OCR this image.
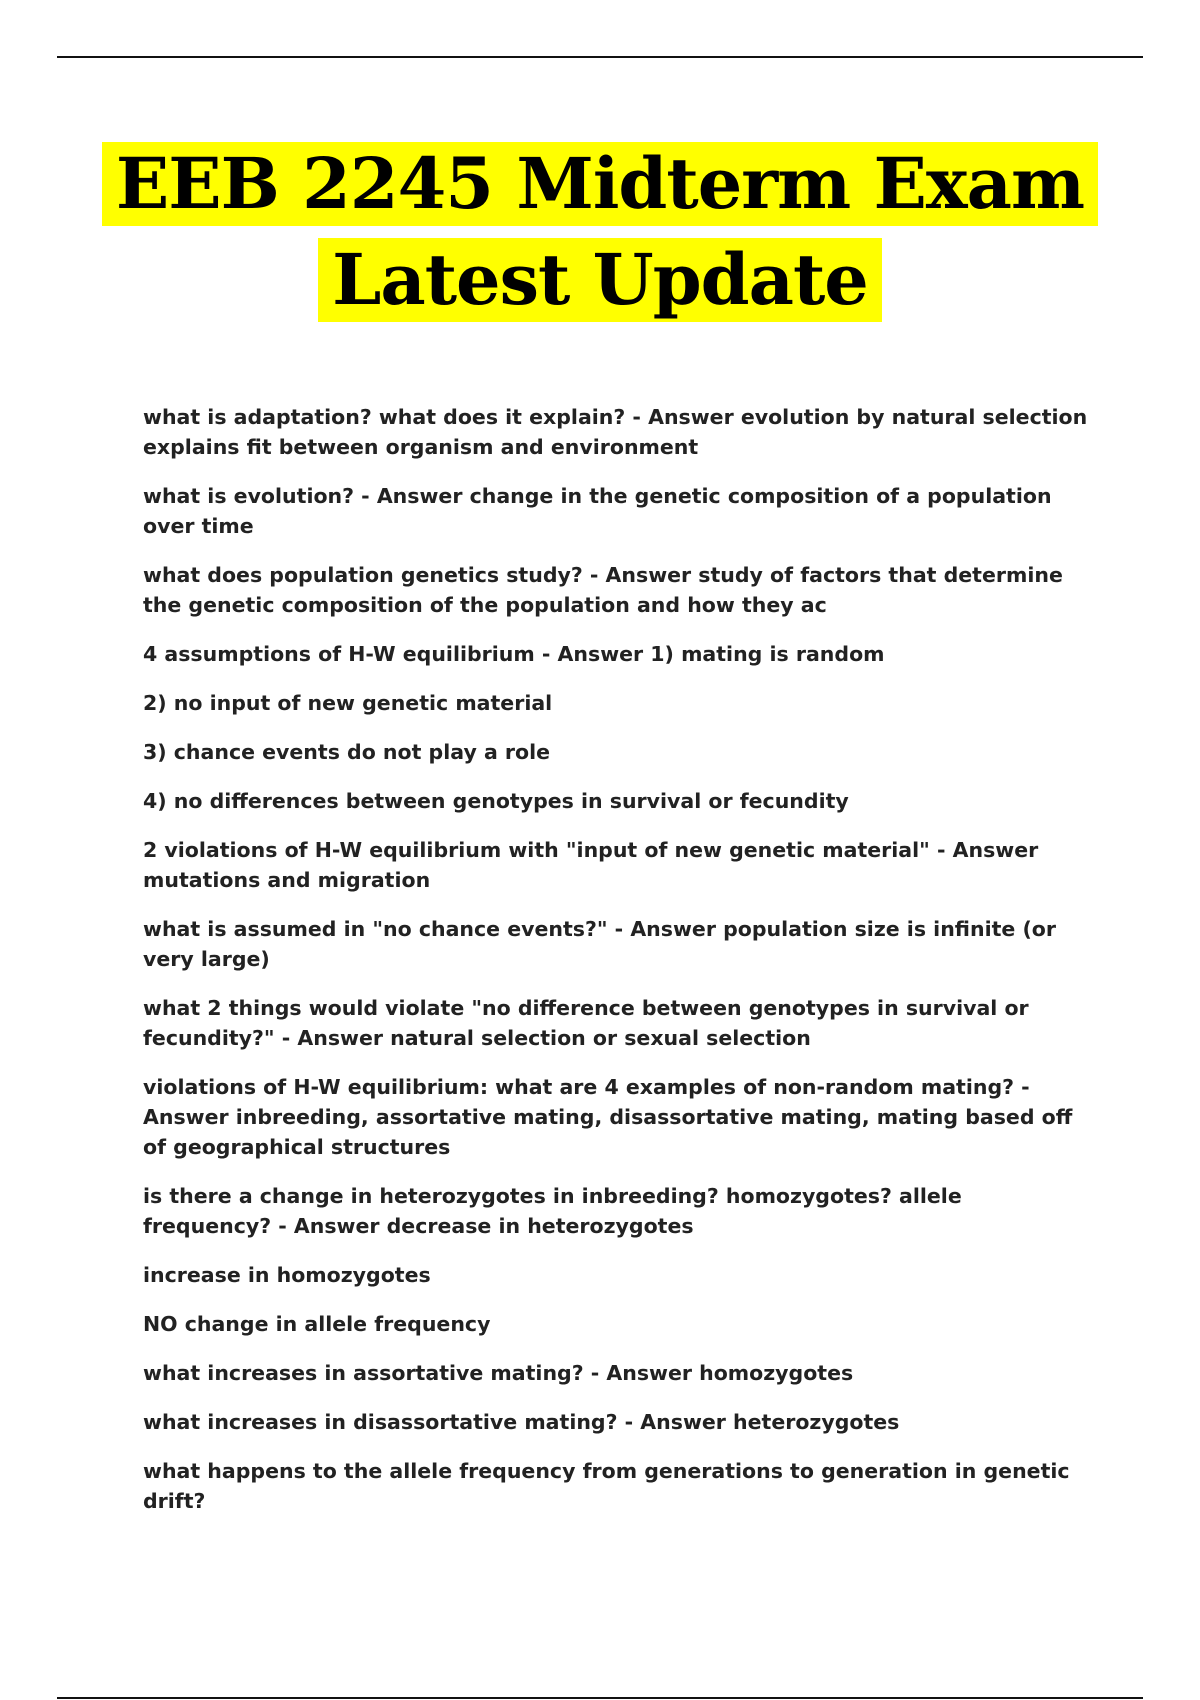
EEB 2245 Midterm Exam
Latest Update

what is adaptation? what does it explain? - Answer evolution by natural selection explains fit between organism and environment

what is evolution? - Answer change in the genetic composition of a population over time

what does population genetics study? - Answer study of factors that determine the genetic composition of the population and how they ac

4 assumptions of H-W equilibrium - Answer 1) mating is random

2) no input of new genetic material

3) chance events do not play a role

4) no differences between genotypes in survival or fecundity

2 violations of H-W equilibrium with "input of new genetic material" - Answer mutations and migration

what is assumed in "no chance events?" - Answer population size is infinite (or very large)

what 2 things would violate "no difference between genotypes in survival or fecundity?" - Answer natural selection or sexual selection

violations of H-W equilibrium: what are 4 examples of non-random mating? - Answer inbreeding, assortative mating, disassortative mating, mating based off of geographical structures

is there a change in heterozygotes in inbreeding? homozygotes? allele frequency? - Answer decrease in heterozygotes

increase in homozygotes

NO change in allele frequency

what increases in assortative mating? - Answer homozygotes

what increases in disassortative mating? - Answer heterozygotes

what happens to the allele frequency from generations to generation in genetic drift?
